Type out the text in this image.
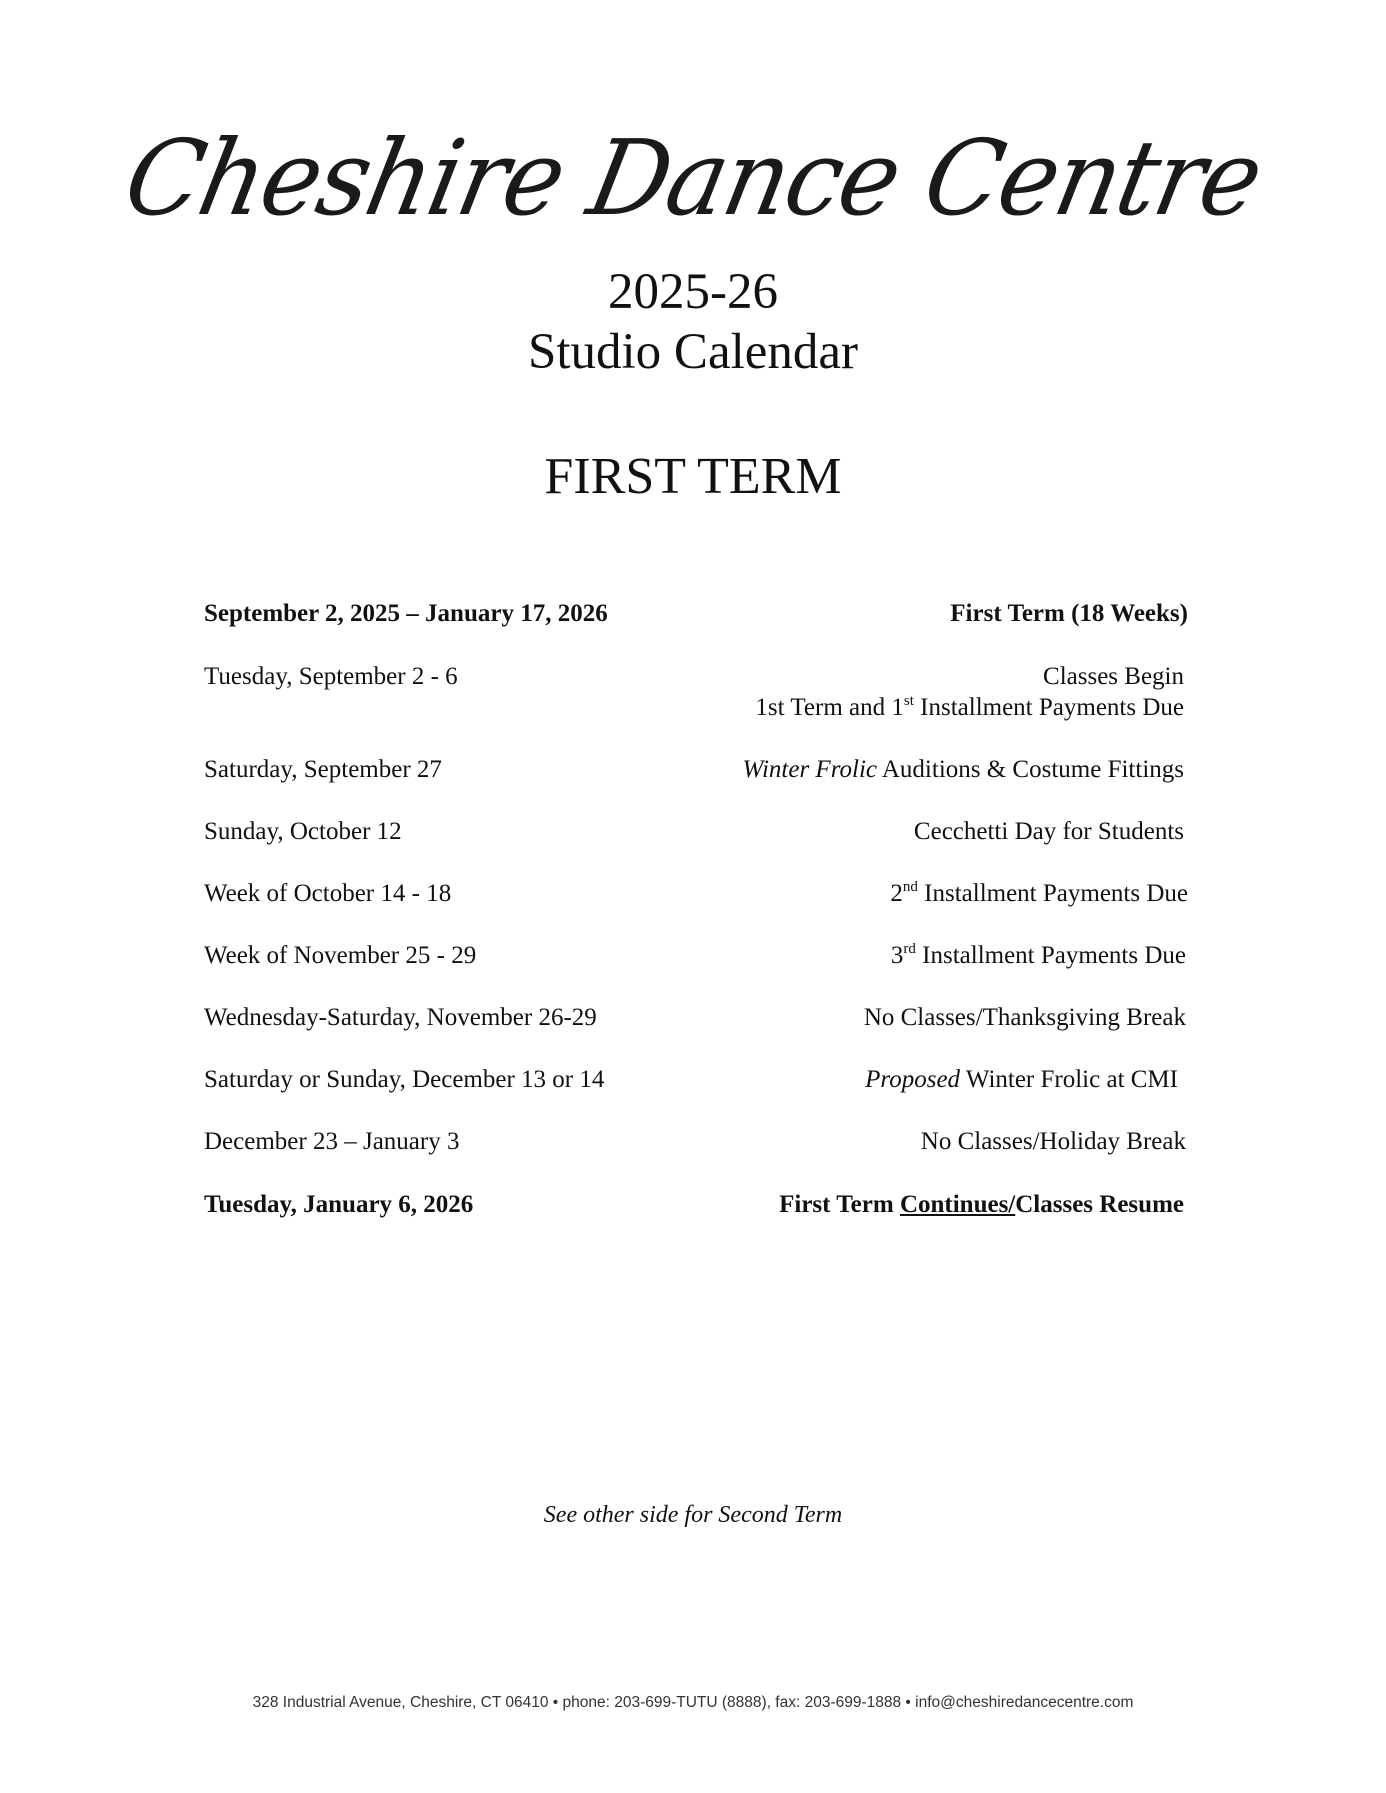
Cheshire Dance Centre
2025-26
Studio Calendar
FIRST TERM
September 2, 2025 – January 17, 2026	First Term (18 Weeks)
Tuesday, September 2 - 6	Classes Begin
1st Term and 1st Installment Payments Due
Saturday, September 27	Winter Frolic Auditions & Costume Fittings
Sunday, October 12	Cecchetti Day for Students
Week of October 14 - 18	2nd Installment Payments Due
Week of November 25 - 29	3rd Installment Payments Due
Wednesday-Saturday, November 26-29	No Classes/Thanksgiving Break
Saturday or Sunday, December 13 or 14	Proposed Winter Frolic at CMI
December 23 – January 3	No Classes/Holiday Break
Tuesday, January 6, 2026	First Term Continues/Classes Resume
See other side for Second Term
328 Industrial Avenue, Cheshire, CT 06410 • phone: 203-699-TUTU (8888), fax: 203-699-1888 • info@cheshiredancecentre.com
